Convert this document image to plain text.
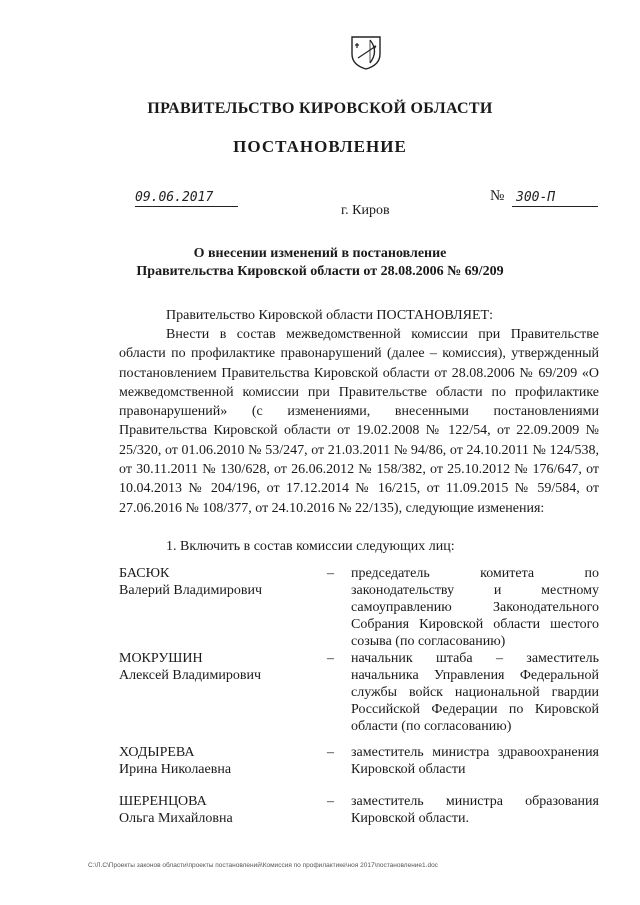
ПРАВИТЕЛЬСТВО КИРОВСКОЙ ОБЛАСТИ
ПОСТАНОВЛЕНИЕ
09.06.2017	№ 300-П
г. Киров
О внесении изменений в постановление
Правительства Кировской области от 28.08.2006 № 69/209
Правительство Кировской области ПОСТАНОВЛЯЕТ:
Внести в состав межведомственной комиссии при Правительстве области по профилактике правонарушений (далее – комиссия), утвержденный постановлением Правительства Кировской области от 28.08.2006 № 69/209 «О межведомственной комиссии при Правительстве области по профилактике правонарушений» (с изменениями, внесенными постановлениями Правительства Кировской области от 19.02.2008 № 122/54, от 22.09.2009 № 25/320, от 01.06.2010 № 53/247, от 21.03.2011 № 94/86, от 24.10.2011 № 124/538, от 30.11.2011 № 130/628, от 26.06.2012 № 158/382, от 25.10.2012 № 176/647, от 10.04.2013 № 204/196, от 17.12.2014 № 16/215, от 11.09.2015 № 59/584, от 27.06.2016 № 108/377, от 24.10.2016 № 22/135), следующие изменения:
1. Включить в состав комиссии следующих лиц:
БАСЮК
Валерий Владимирович
– председатель комитета по законодательству и местному самоуправлению Законодательного Собрания Кировской области шестого созыва (по согласованию)
МОКРУШИН
Алексей Владимирович
– начальник штаба – заместитель начальника Управления Федеральной службы войск национальной гвардии Российской Федерации по Кировской области (по согласованию)
ХОДЫРЕВА
Ирина Николаевна
– заместитель министра здравоохранения Кировской области
ШЕРЕНЦОВА
Ольга Михайловна
– заместитель министра образования Кировской области.
С:\Л.С\Проекты законов области\проекты постановлений\Комиссия по профилактике\ноя 2017\постановление1.doc
